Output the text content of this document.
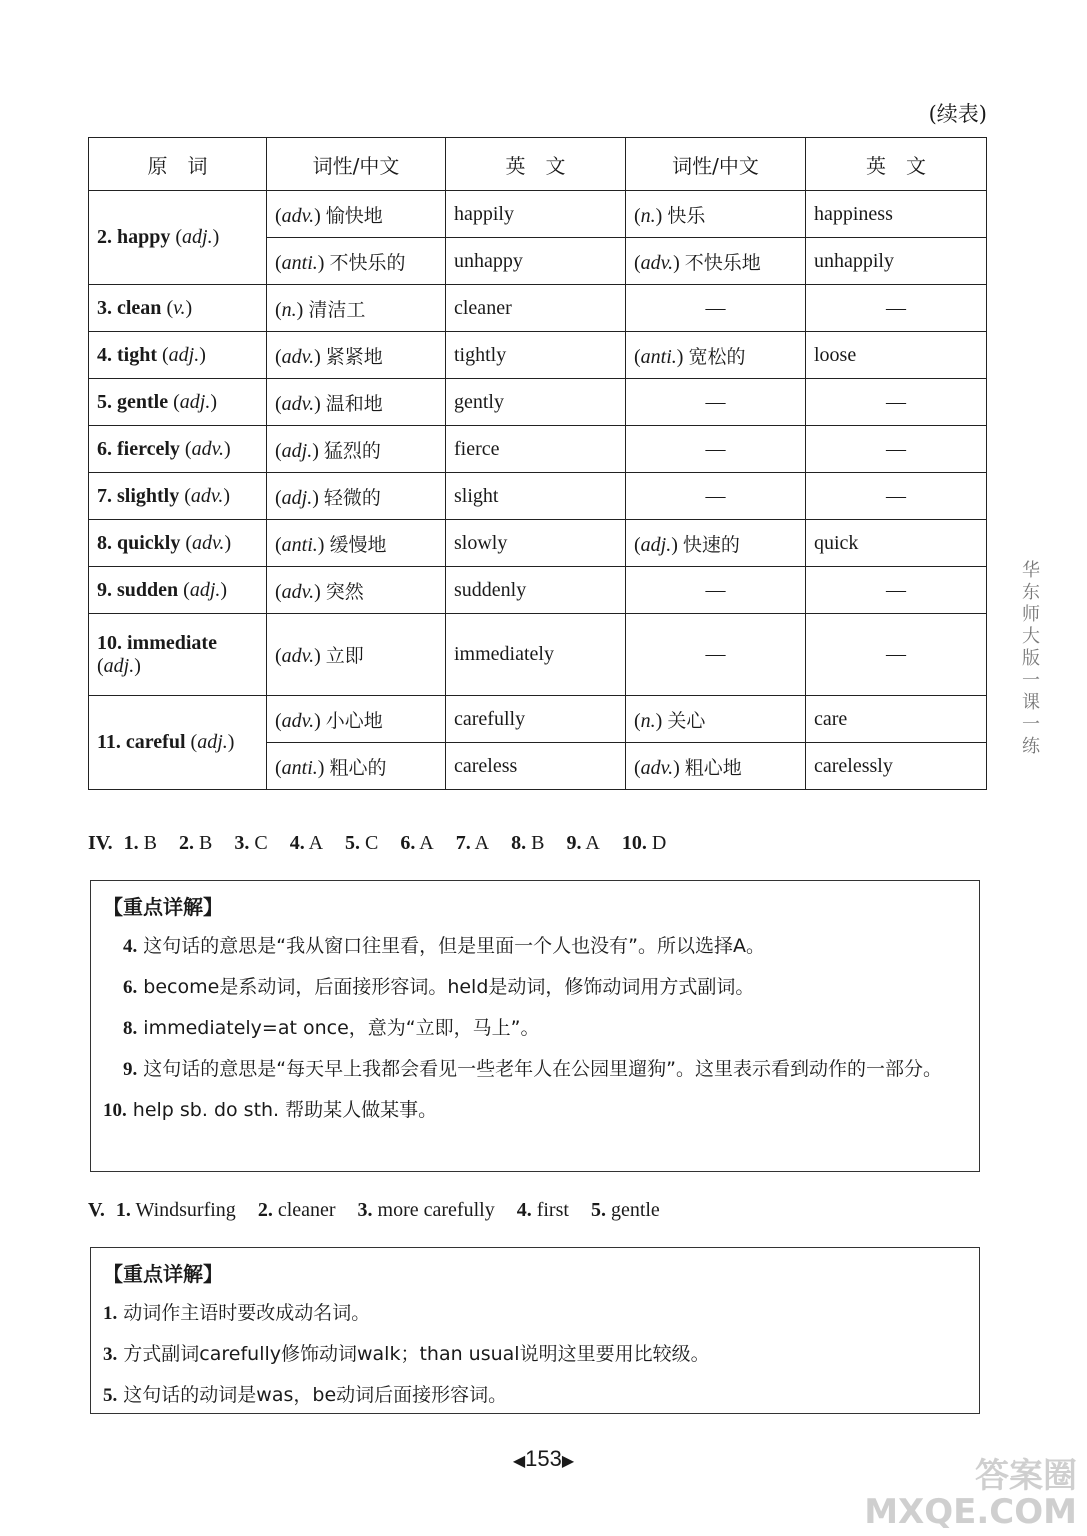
(续表)
原　词	词性/中文	英　文	词性/中文	英　文
2. happy (adj.)	(adv.) 愉快地	happily	(n.) 快乐	happiness
	(anti.) 不快乐的	unhappy	(adv.) 不快乐地	unhappily
3. clean (v.)	(n.) 清洁工	cleaner	—	—
4. tight (adj.)	(adv.) 紧紧地	tightly	(anti.) 宽松的	loose
5. gentle (adj.)	(adv.) 温和地	gently	—	—
6. fiercely (adv.)	(adj.) 猛烈的	fierce	—	—
7. slightly (adv.)	(adj.) 轻微的	slight	—	—
8. quickly (adv.)	(anti.) 缓慢地	slowly	(adj.) 快速的	quick
9. sudden (adj.)	(adv.) 突然	suddenly	—	—
10. immediate (adj.)	(adv.) 立即	immediately	—	—
11. careful (adj.)	(adv.) 小心地	carefully	(n.) 关心	care
	(anti.) 粗心的	careless	(adv.) 粗心地	carelessly
IV. 1. B 2. B 3. C 4. A 5. C 6. A 7. A 8. B 9. A 10. D
【重点详解】
4. 这句话的意思是“我从窗口往里看，但是里面一个人也没有”。所以选择A。
6. become是系动词，后面接形容词。held是动词，修饰动词用方式副词。
8. immediately=at once，意为“立即，马上”。
9. 这句话的意思是“每天早上我都会看见一些老年人在公园里遛狗”。这里表示看到动作的一部分。
10. help sb. do sth. 帮助某人做某事。
V. 1. Windsurfing 2. cleaner 3. more carefully 4. first 5. gentle
【重点详解】
1. 动词作主语时要改成动名词。
3. 方式副词carefully修饰动词walk；than usual说明这里要用比较级。
5. 这句话的动词是was，be动词后面接形容词。
华东师大版一课一练
◀153▶	答案圈
MXQE.COM
